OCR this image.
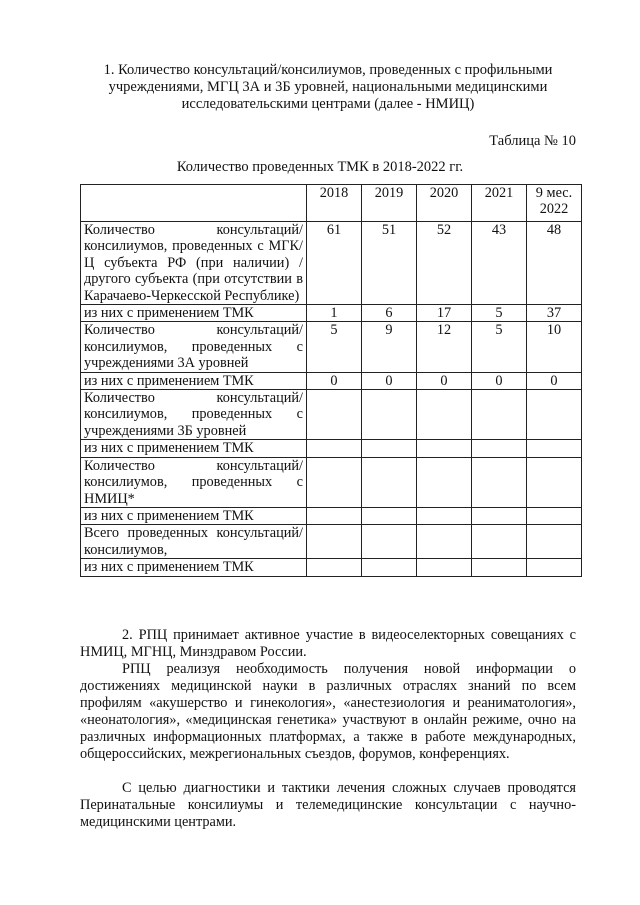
1. Количество консультаций/консилиумов, проведенных с профильными учреждениями, МГЦ 3А и 3Б уровней, национальными медицинскими исследовательскими центрами (далее - НМИЦ)
Таблица № 10
Количество проведенных ТМК в 2018-2022 гг.
	2018	2019	2020	2021	9 мес. 2022
Количество консультаций/ консилиумов, проведенных с МГК/Ц субъекта РФ (при наличии) / другого субъекта (при отсутствии в Карачаево-Черкесской Республике)	61	51	52	43	48
из них с применением ТМК	1	6	17	5	37
Количество консультаций/ консилиумов, проведенных с учреждениями 3А уровней	5	9	12	5	10
из них с применением ТМК	0	0	0	0	0
Количество консультаций/ консилиумов, проведенных с учреждениями 3Б уровней					
из них с применением ТМК					
Количество консультаций/ консилиумов, проведенных с НМИЦ*					
из них с применением ТМК					
Всего проведенных консультаций/ консилиумов,					
из них с применением ТМК					

2. РПЦ принимает активное участие в видеоселекторных совещаниях с НМИЦ, МГНЦ, Минздравом России.

РПЦ реализуя необходимость получения новой информации о достижениях медицинской науки в различных отраслях знаний по всем профилям «акушерство и гинекология», «анестезиология и реаниматология», «неонатология», «медицинская генетика» участвуют в онлайн режиме, очно на различных информационных платформах, а также в работе международных, общероссийских, межрегиональных съездов, форумов, конференциях.

С целью диагностики и тактики лечения сложных случаев проводятся Перинатальные консилиумы и телемедицинские консультации с научно-медицинскими центрами.
